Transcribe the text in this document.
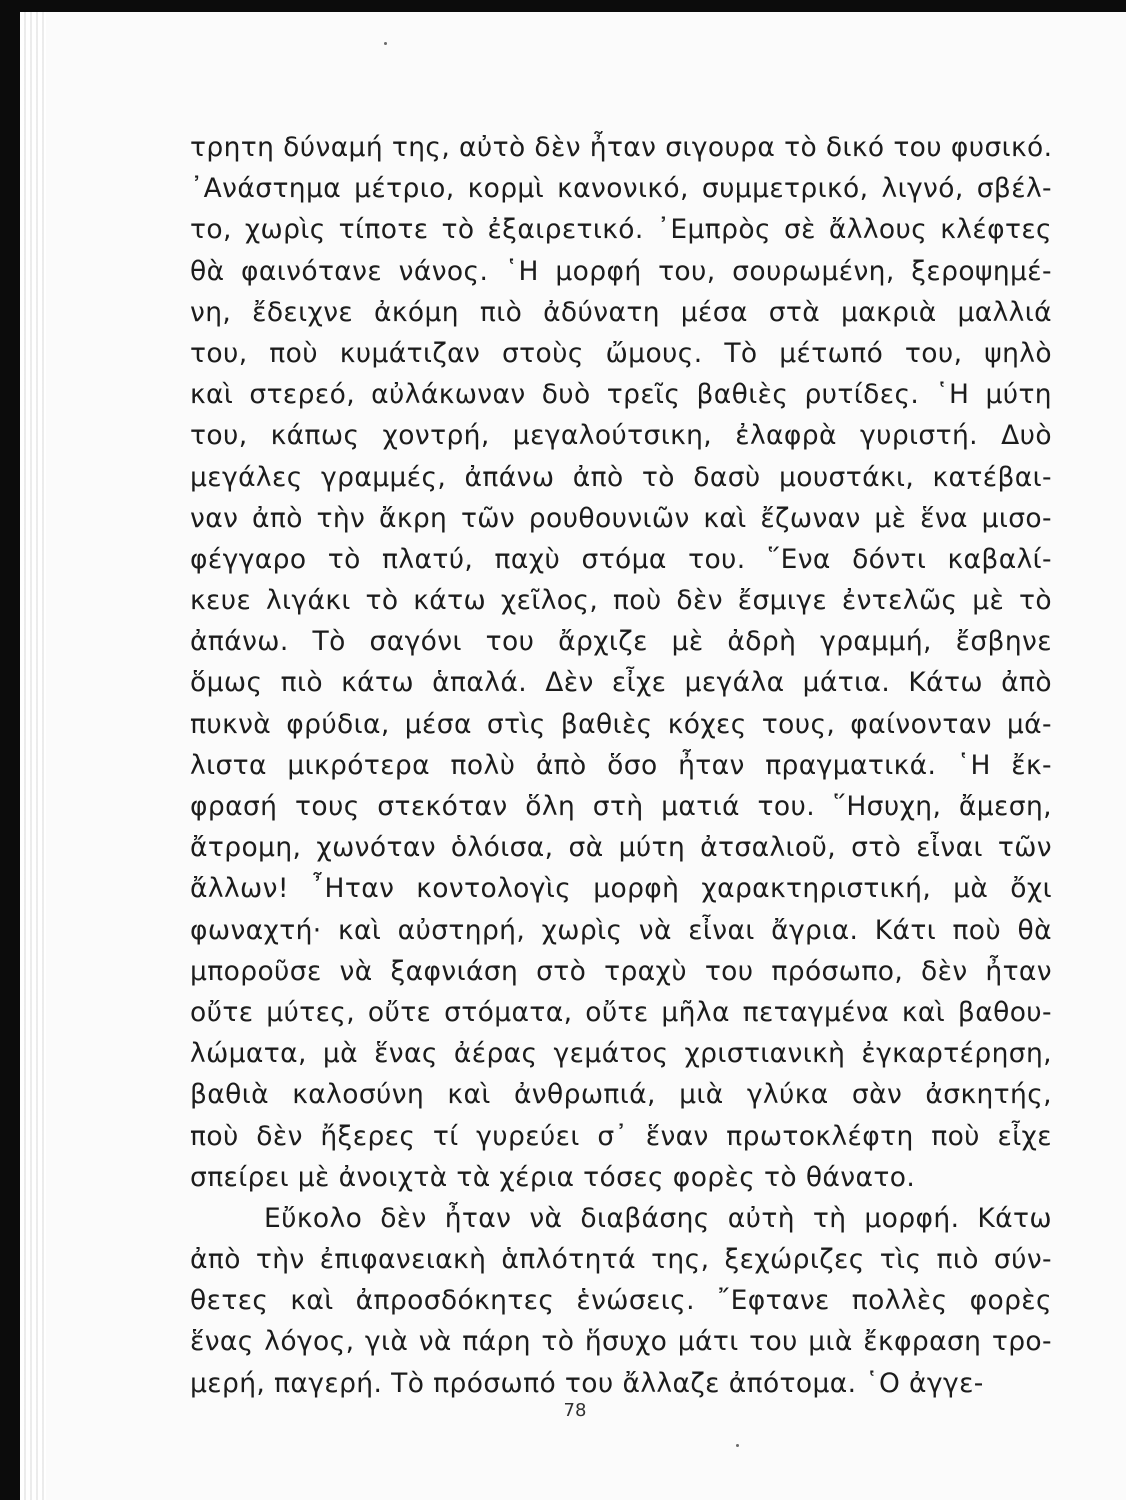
τρητη δύναμή της, αὐτὸ δὲν ἦταν σιγουρα τὸ δικό του φυσικό.
᾿Ανάστημα μέτριο, κορμὶ κανονικό, συμμετρικό, λιγνό, σβέλ-
το, χωρὶς τίποτε τὸ ἐξαιρετικό. ᾿Εμπρὸς σὲ ἄλλους κλέφτες
θὰ φαινότανε νάνος. ῾Η μορφή του, σουρωμένη, ξεροψημέ-
νη, ἔδειχνε ἀκόμη πιὸ ἀδύνατη μέσα στὰ μακριὰ μαλλιά
του, ποὺ κυμάτιζαν στοὺς ὤμους. Τὸ μέτωπό του, ψηλὸ
καὶ στερεό, αὐλάκωναν δυὸ τρεῖς βαθιὲς ρυτίδες. ῾Η μύτη
του, κάπως χοντρή, μεγαλούτσικη, ἐλαφρὰ γυριστή. Δυὸ
μεγάλες γραμμές, ἀπάνω ἀπὸ τὸ δασὺ μουστάκι, κατέβαι-
ναν ἀπὸ τὴν ἄκρη τῶν ρουθουνιῶν καὶ ἔζωναν μὲ ἕνα μισο-
φέγγαρο τὸ πλατύ, παχὺ στόμα του. ῞Ενα δόντι καβαλί-
κευε λιγάκι τὸ κάτω χεῖλος, ποὺ δὲν ἔσμιγε ἐντελῶς μὲ τὸ
ἀπάνω. Τὸ σαγόνι του ἄρχιζε μὲ ἀδρὴ γραμμή, ἔσβηνε
ὅμως πιὸ κάτω ἁπαλά. Δὲν εἶχε μεγάλα μάτια. Κάτω ἀπὸ
πυκνὰ φρύδια, μέσα στὶς βαθιὲς κόχες τους, φαίνονταν μά-
λιστα μικρότερα πολὺ ἀπὸ ὅσο ἦταν πραγματικά. ῾Η ἔκ-
φρασή τους στεκόταν ὅλη στὴ ματιά του. ῞Ησυχη, ἄμεση,
ἄτρομη, χωνόταν ὁλόισα, σὰ μύτη ἀτσαλιοῦ, στὸ εἶναι τῶν
ἄλλων! ῏Ηταν κοντολογὶς μορφὴ χαρακτηριστική, μὰ ὄχι
φωναχτή· καὶ αὐστηρή, χωρὶς νὰ εἶναι ἄγρια. Κάτι ποὺ θὰ
μποροῦσε νὰ ξαφνιάση στὸ τραχὺ του πρόσωπο, δὲν ἦταν
οὔτε μύτες, οὔτε στόματα, οὔτε μῆλα πεταγμένα καὶ βαθου-
λώματα, μὰ ἕνας ἀέρας γεμάτος χριστιανικὴ ἐγκαρτέρηση,
βαθιὰ καλοσύνη καὶ ἀνθρωπιά, μιὰ γλύκα σὰν ἀσκητής,
ποὺ δὲν ἤξερες τί γυρεύει σ᾿ ἕναν πρωτοκλέφτη ποὺ εἶχε
σπείρει μὲ ἀνοιχτὰ τὰ χέρια τόσες φορὲς τὸ θάνατο.
Εὔκολο δὲν ἦταν νὰ διαβάσης αὐτὴ τὴ μορφή. Κάτω
ἀπὸ τὴν ἐπιφανειακὴ ἁπλότητά της, ξεχώριζες τὶς πιὸ σύν-
θετες καὶ ἀπροσδόκητες ἑνώσεις. ῎Εφτανε πολλὲς φορὲς
ἕνας λόγος, γιὰ νὰ πάρη τὸ ἥσυχο μάτι του μιὰ ἔκφραση τρο-
μερή, παγερή. Τὸ πρόσωπό του ἄλλαζε ἀπότομα. ῾Ο ἀγγε-
78
